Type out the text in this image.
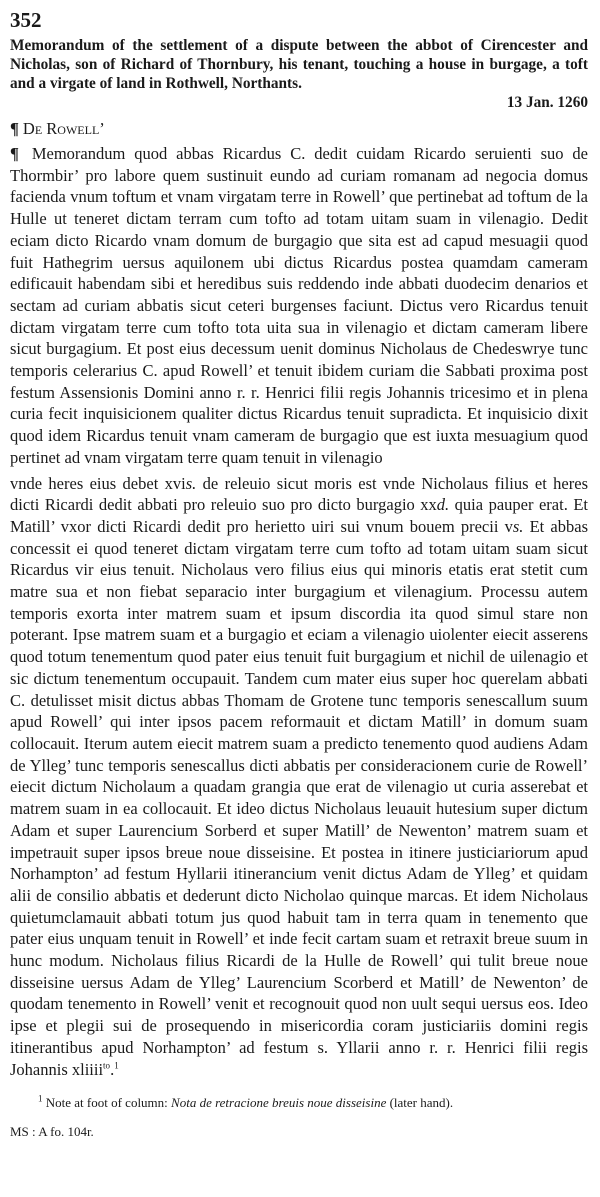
352

Memorandum of the settlement of a dispute between the abbot of Cirencester and Nicholas, son of Richard of Thornbury, his tenant, touching a house in burgage, a toft and a virgate of land in Rothwell, Northants.

13 Jan. 1260

¶ De Rowell’

¶ Memorandum quod abbas Ricardus C. dedit cuidam Ricardo seruienti suo de Thormbir’ pro labore quem sustinuit eundo ad curiam romanam ad negocia domus facienda vnum toftum et vnam virgatam terre in Rowell’ que pertinebat ad toftum de la Hulle ut teneret dictam terram cum tofto ad totam uitam suam in vilenagio. Dedit eciam dicto Ricardo vnam domum de burgagio que sita est ad capud mesuagii quod fuit Hathegrim uersus aquilonem ubi dictus Ricardus postea quamdam cameram edificauit habendam sibi et heredibus suis reddendo inde abbati duodecim denarios et sectam ad curiam abbatis sicut ceteri burgenses faciunt. Dictus vero Ricardus tenuit dictam virgatam terre cum tofto tota uita sua in vilenagio et dictam cameram libere sicut burgagium. Et post eius decessum uenit dominus Nicholaus de Chedeswrye tunc temporis celerarius C. apud Rowell’ et tenuit ibidem curiam die Sabbati proxima post festum Assensionis Domini anno r. r. Henrici filii regis Johannis tricesimo et in plena curia fecit inquisicionem qualiter dictus Ricardus tenuit supradicta. Et inquisicio dixit quod idem Ricardus tenuit vnam cameram de burgagio que est iuxta mesuagium quod pertinet ad vnam virgatam terre quam tenuit in vilenagio

vnde heres eius debet xvis. de releuio sicut moris est vnde Nicholaus filius et heres dicti Ricardi dedit abbati pro releuio suo pro dicto burgagio xxd. quia pauper erat. Et Matill’ vxor dicti Ricardi dedit pro herietto uiri sui vnum bouem precii vs. Et abbas concessit ei quod teneret dictam virgatam terre cum tofto ad totam uitam suam sicut Ricardus vir eius tenuit. Nicholaus vero filius eius qui minoris etatis erat stetit cum matre sua et non fiebat separacio inter burgagium et vilenagium. Processu autem temporis exorta inter matrem suam et ipsum discordia ita quod simul stare non poterant. Ipse matrem suam et a burgagio et eciam a vilenagio uiolenter eiecit asserens quod totum tenementum quod pater eius tenuit fuit burgagium et nichil de uilenagio et sic dictum tenementum occupauit. Tandem cum mater eius super hoc querelam abbati C. detulisset misit dictus abbas Thomam de Grotene tunc temporis senescallum suum apud Rowell’ qui inter ipsos pacem reformauit et dictam Matill’ in domum suam collocauit. Iterum autem eiecit matrem suam a predicto tenemento quod audiens Adam de Ylleg’ tunc temporis senescallus dicti abbatis per consideracionem curie de Rowell’ eiecit dictum Nicholaum a quadam grangia que erat de vilenagio ut curia asserebat et matrem suam in ea collocauit. Et ideo dictus Nicholaus leuauit hutesium super dictum Adam et super Laurencium Sorberd et super Matill’ de Newenton’ matrem suam et impetrauit super ipsos breue noue disseisine. Et postea in itinere justiciariorum apud Norhampton’ ad festum Hyllarii itinerancium venit dictus Adam de Ylleg’ et quidam alii de consilio abbatis et dederunt dicto Nicholao quinque marcas. Et idem Nicholaus quietumclamauit abbati totum jus quod habuit tam in terra quam in tenemento que pater eius unquam tenuit in Rowell’ et inde fecit cartam suam et retraxit breue suum in hunc modum. Nicholaus filius Ricardi de la Hulle de Rowell’ qui tulit breue noue disseisine uersus Adam de Ylleg’ Laurencium Scorberd et Matill’ de Newenton’ de quodam tenemento in Rowell’ venit et recognouit quod non uult sequi uersus eos. Ideo ipse et plegii sui de prosequendo in misericordia coram justiciariis domini regis itinerantibus apud Norhampton’ ad festum s. Yllarii anno r. r. Henrici filii regis Johannis xliiii$^{to}$.$^1$

$^1$ Note at foot of column: Nota de retracione breuis noue disseisine (later hand).

MS : A fo. 104r.
